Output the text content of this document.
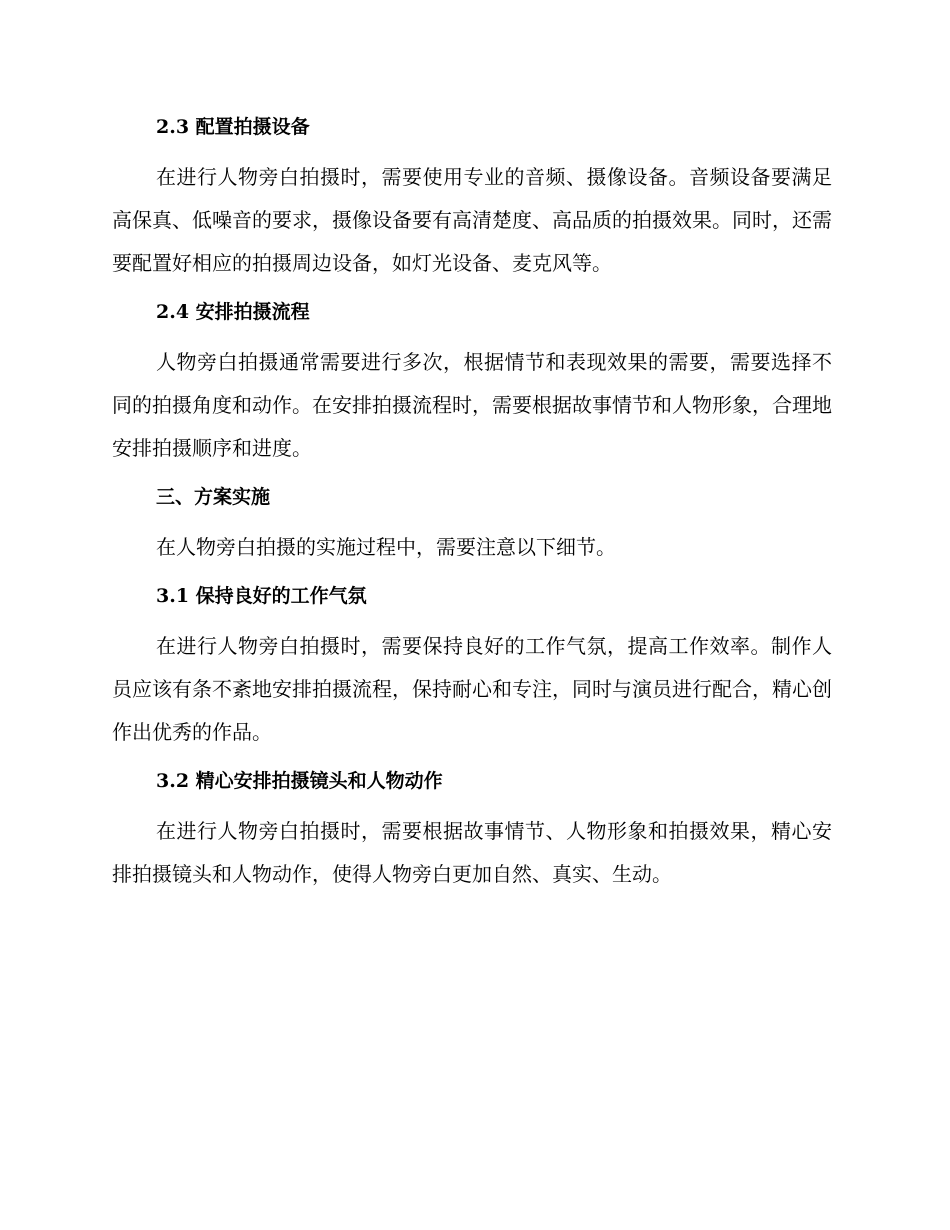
2.3 配置拍摄设备

在进行人物旁白拍摄时，需要使用专业的音频、摄像设备。音频设备要满足高保真、低噪音的要求，摄像设备要有高清楚度、高品质的拍摄效果。同时，还需要配置好相应的拍摄周边设备，如灯光设备、麦克风等。

2.4 安排拍摄流程

人物旁白拍摄通常需要进行多次，根据情节和表现效果的需要，需要选择不同的拍摄角度和动作。在安排拍摄流程时，需要根据故事情节和人物形象，合理地安排拍摄顺序和进度。

三、方案实施

在人物旁白拍摄的实施过程中，需要注意以下细节。

3.1 保持良好的工作气氛

在进行人物旁白拍摄时，需要保持良好的工作气氛，提高工作效率。制作人员应该有条不紊地安排拍摄流程，保持耐心和专注，同时与演员进行配合，精心创作出优秀的作品。

3.2 精心安排拍摄镜头和人物动作

在进行人物旁白拍摄时，需要根据故事情节、人物形象和拍摄效果，精心安排拍摄镜头和人物动作，使得人物旁白更加自然、真实、生动。
